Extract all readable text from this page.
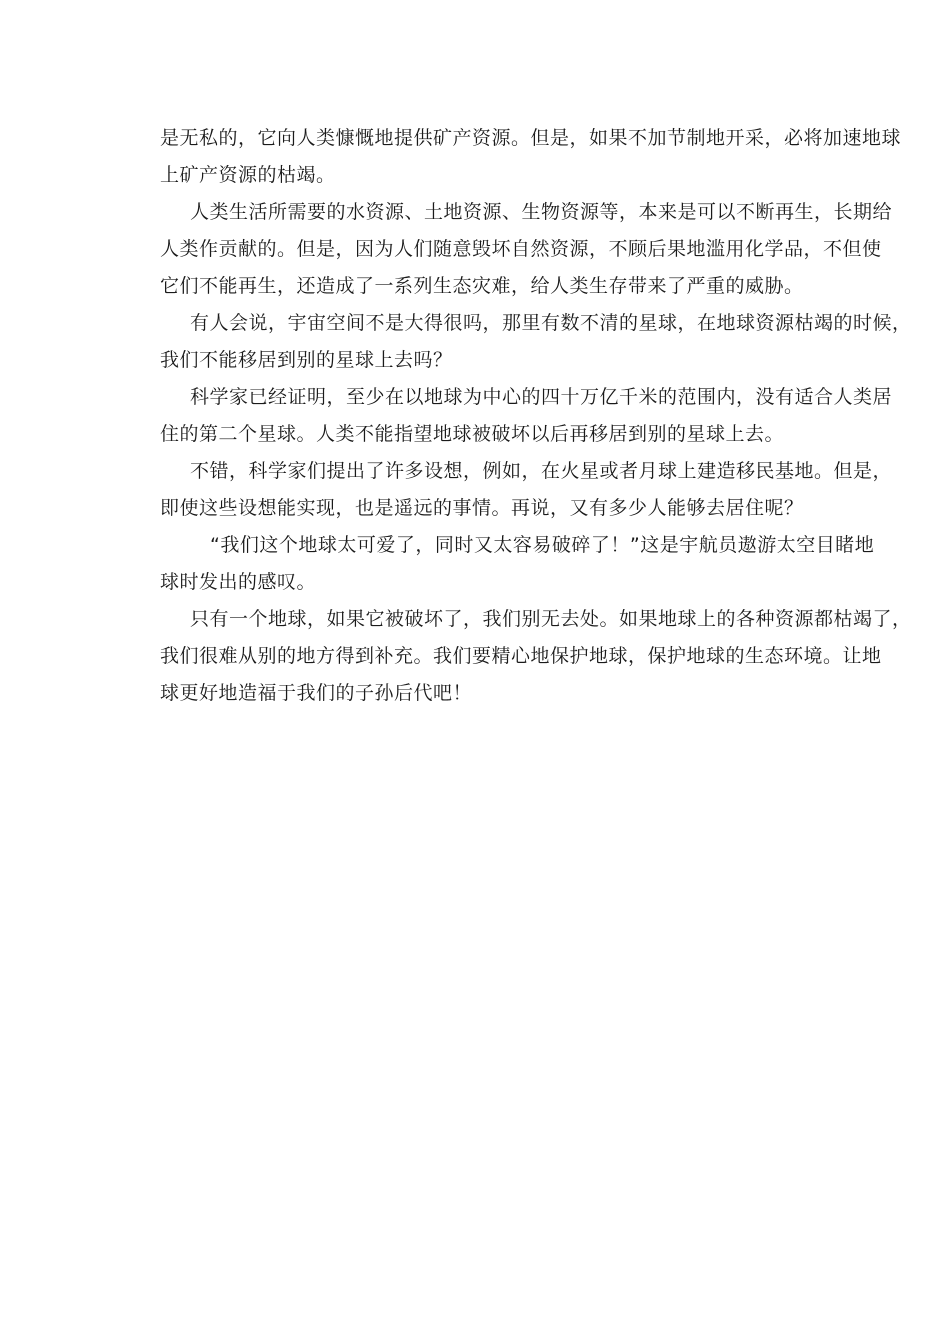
是无私的，它向人类慷慨地提供矿产资源。但是，如果不加节制地开采，必将加速地球
上矿产资源的枯竭。
人类生活所需要的水资源、土地资源、生物资源等，本来是可以不断再生，长期给
人类作贡献的。但是，因为人们随意毁坏自然资源，不顾后果地滥用化学品，不但使
它们不能再生，还造成了一系列生态灾难，给人类生存带来了严重的威胁。
有人会说，宇宙空间不是大得很吗，那里有数不清的星球，在地球资源枯竭的时候，
我们不能移居到别的星球上去吗？
科学家已经证明，至少在以地球为中心的四十万亿千米的范围内，没有适合人类居
住的第二个星球。人类不能指望地球被破坏以后再移居到别的星球上去。
不错，科学家们提出了许多设想，例如，在火星或者月球上建造移民基地。但是，
即使这些设想能实现，也是遥远的事情。再说，又有多少人能够去居住呢？
“我们这个地球太可爱了，同时又太容易破碎了！”这是宇航员遨游太空目睹地
球时发出的感叹。
只有一个地球，如果它被破坏了，我们别无去处。如果地球上的各种资源都枯竭了，
我们很难从别的地方得到补充。我们要精心地保护地球，保护地球的生态环境。让地
球更好地造福于我们的子孙后代吧！
